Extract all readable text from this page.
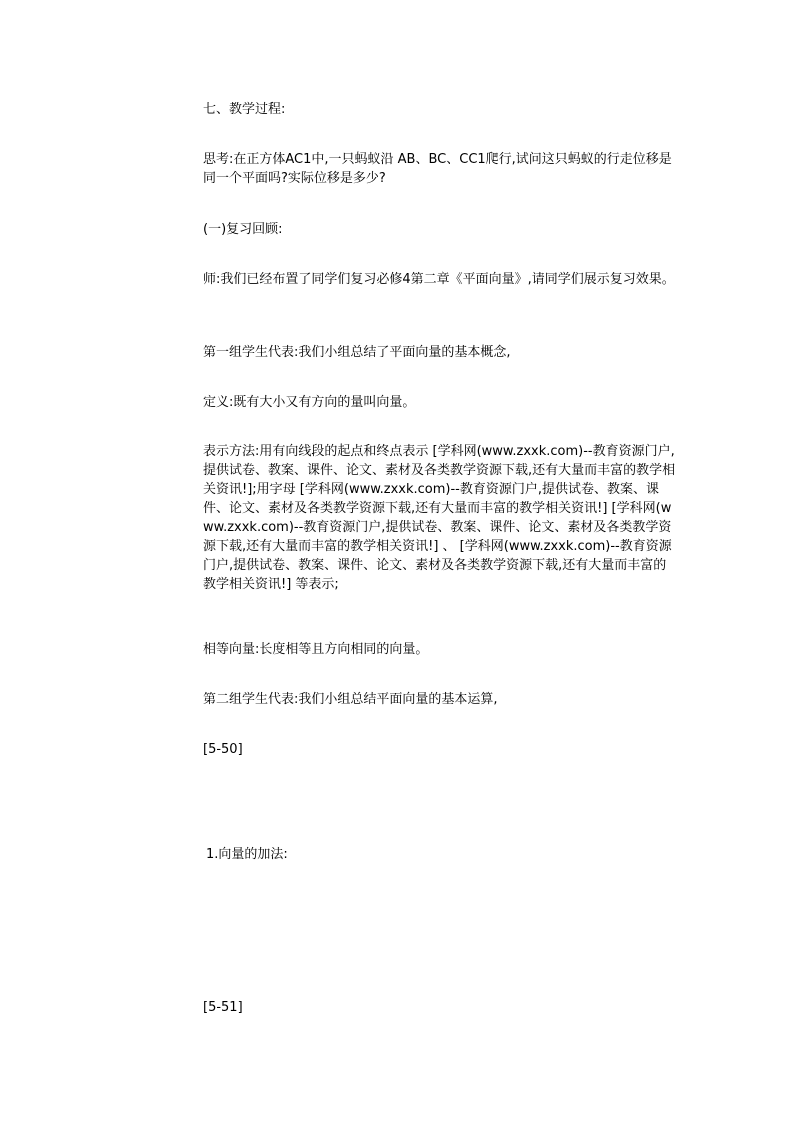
七、教学过程:

思考:在正方体AC1中,一只蚂蚁沿 AB、BC、CC1爬行,试问这只蚂蚁的行走位移是同一个平面吗?实际位移是多少?

(一)复习回顾:

师:我们已经布置了同学们复习必修4第二章《平面向量》,请同学们展示复习效果。

第一组学生代表:我们小组总结了平面向量的基本概念,

定义:既有大小又有方向的量叫向量。

表示方法:用有向线段的起点和终点表示 [学科网(www.zxxk.com)--教育资源门户,提供试卷、教案、课件、论文、素材及各类教学资源下载,还有大量而丰富的教学相关资讯!];用字母 [学科网(www.zxxk.com)--教育资源门户,提供试卷、教案、课件、论文、素材及各类教学资源下载,还有大量而丰富的教学相关资讯!] [学科网(www.zxxk.com)--教育资源门户,提供试卷、教案、课件、论文、素材及各类教学资源下载,还有大量而丰富的教学相关资讯!] 、 [学科网(www.zxxk.com)--教育资源门户,提供试卷、教案、课件、论文、素材及各类教学资源下载,还有大量而丰富的教学相关资讯!] 等表示;

相等向量:长度相等且方向相同的向量。

第二组学生代表:我们小组总结平面向量的基本运算,

[5-50]

1.向量的加法:

[5-51]
